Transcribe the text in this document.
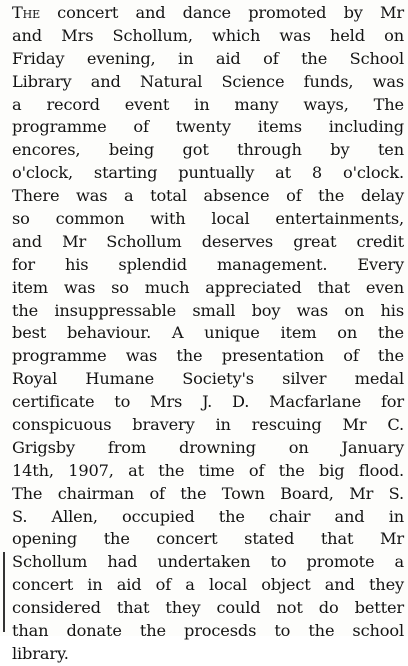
The concert and dance promoted by Mr
and Mrs Schollum, which was held on
Friday evening, in aid of the School
Library and Natural Science funds, was
a record event in many ways, The
programme of twenty items including
encores, being got through by ten
o'clock, starting puntually at 8 o'clock.
There was a total absence of the delay
so common with local entertainments,
and Mr Schollum deserves great credit
for his splendid management. Every
item was so much appreciated that even
the insuppressable small boy was on his
best behaviour. A unique item on the
programme was the presentation of the
Royal Humane Society's silver medal
certificate to Mrs J. D. Macfarlane for
conspicuous bravery in rescuing Mr C.
Grigsby from drowning on January
14th, 1907, at the time of the big flood.
The chairman of the Town Board, Mr S.
S. Allen, occupied the chair and in
opening the concert stated that Mr
Schollum had undertaken to promote a
concert in aid of a local object and they
considered that they could not do better
than donate the procesds to the school
library.
